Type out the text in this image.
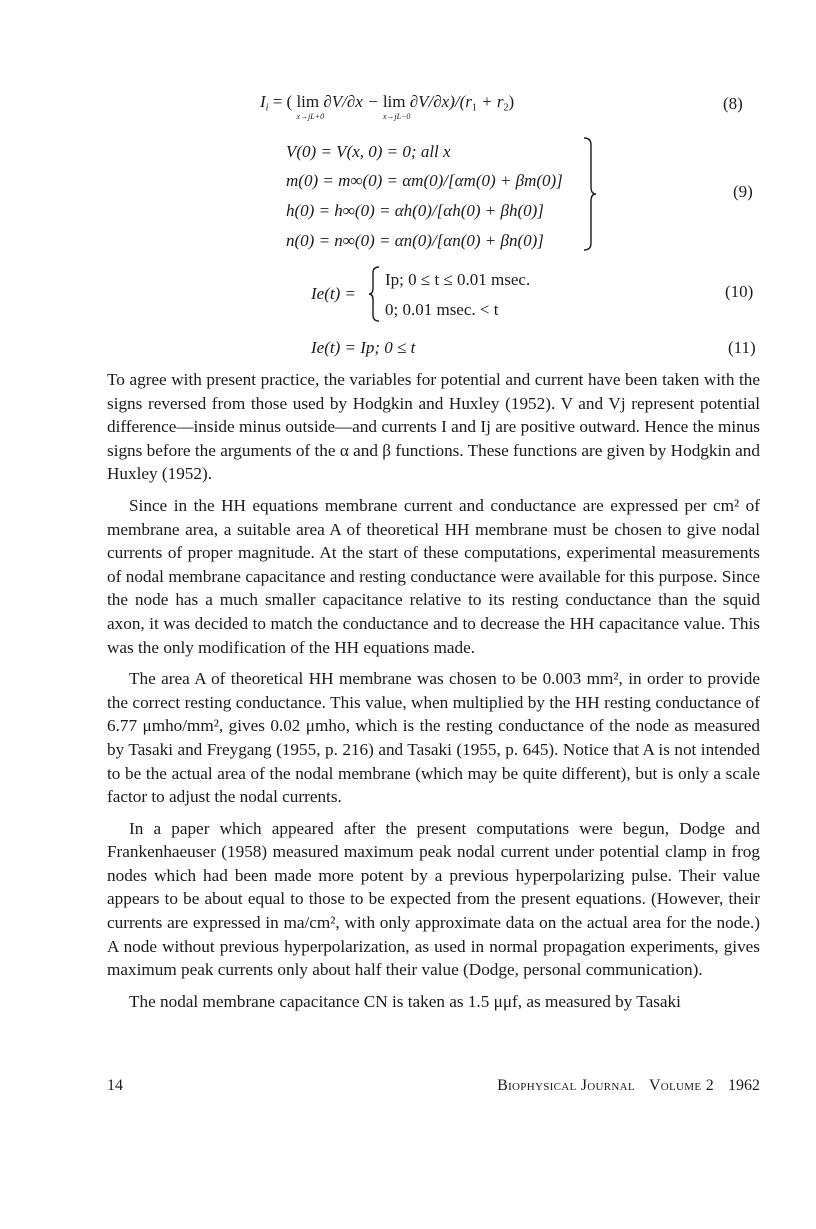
$I_i$ = ( lim
x→jL+0
∂V/∂x − lim
x→jL−0
$\partial V/\partial x)/(r_1 + r_2)$	(8)
V(0) = V(x, 0) = 0; all x
m(0) = m∞(0) = αm(0)/[αm(0) + βm(0)]
h(0) = h∞(0) = αh(0)/[αh(0) + βh(0)]
n(0) = n∞(0) = αn(0)/[αn(0) + βn(0)]
(9)
Ie(t) =
Ip; 0 ≤ t ≤ 0.01 msec.
0; 0.01 msec. < t
(10)
Ie(t) = Ip; 0 ≤ t	(11)

To agree with present practice, the variables for potential and current have been taken with the signs reversed from those used by Hodgkin and Huxley (1952). V and Vj represent potential difference—inside minus outside—and currents I and Ij are positive outward. Hence the minus signs before the arguments of the α and β functions. These functions are given by Hodgkin and Huxley (1952).

Since in the HH equations membrane current and conductance are expressed per cm² of membrane area, a suitable area A of theoretical HH membrane must be chosen to give nodal currents of proper magnitude. At the start of these computations, experimental measurements of nodal membrane capacitance and resting conductance were available for this purpose. Since the node has a much smaller capacitance relative to its resting conductance than the squid axon, it was decided to match the conductance and to decrease the HH capacitance value. This was the only modification of the HH equations made.

The area A of theoretical HH membrane was chosen to be 0.003 mm², in order to provide the correct resting conductance. This value, when multiplied by the HH resting conductance of 6.77 μmho/mm², gives 0.02 μmho, which is the resting conductance of the node as measured by Tasaki and Freygang (1955, p. 216) and Tasaki (1955, p. 645). Notice that A is not intended to be the actual area of the nodal membrane (which may be quite different), but is only a scale factor to adjust the nodal currents.

In a paper which appeared after the present computations were begun, Dodge and Frankenhaeuser (1958) measured maximum peak nodal current under potential clamp in frog nodes which had been made more potent by a previous hyperpolarizing pulse. Their value appears to be about equal to those to be expected from the present equations. (However, their currents are expressed in ma/cm², with only approximate data on the actual area for the node.) A node without previous hyperpolarization, as used in normal propagation experiments, gives maximum peak currents only about half their value (Dodge, personal communication).

The nodal membrane capacitance CN is taken as 1.5 μμf, as measured by Tasaki

14	Biophysical Journal Volume 2 1962
